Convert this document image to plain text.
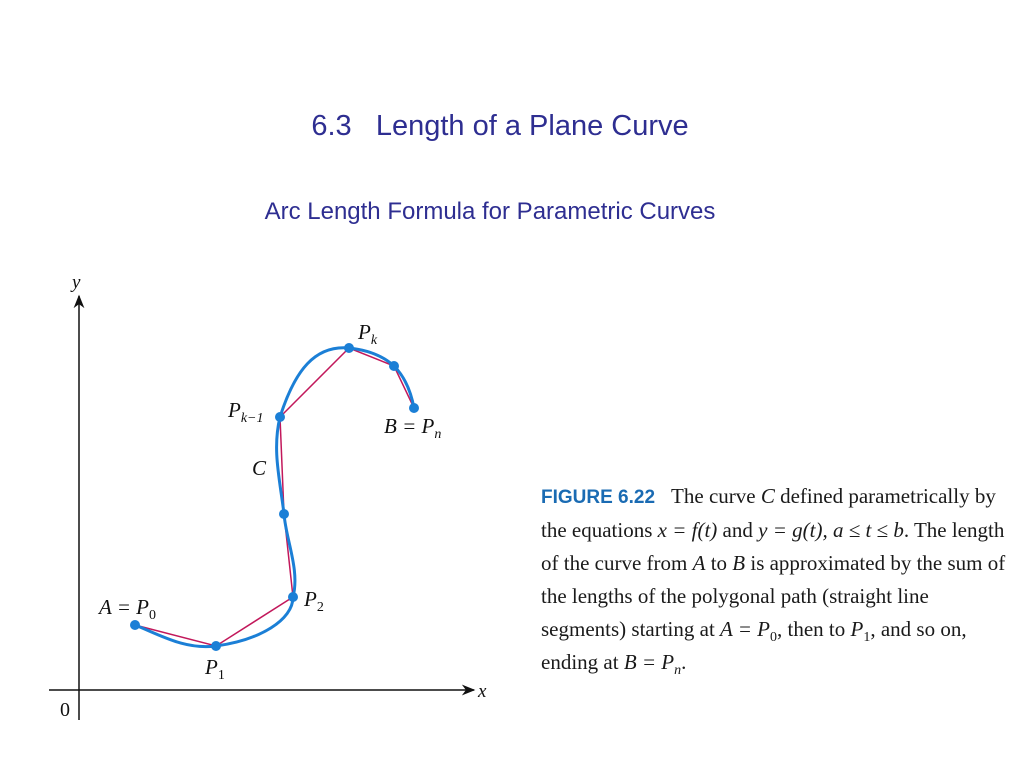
6.3   Length of a Plane Curve
Arc Length Formula for Parametric Curves
y
x
0
$A = P_0$
$P_1$
$P_2$
$P_{k-1}$
$P_k$
$B = P_n$
C
FIGURE 6.22 The curve C defined parametrically by the equations x = f(t) and y = g(t), a ≤ t ≤ b. The length of the curve from A to B is approximated by the sum of the lengths of the polygonal path (straight line segments) starting at $A = P_0$, then to $P_1$, and so on, ending at $B = P_n$.
